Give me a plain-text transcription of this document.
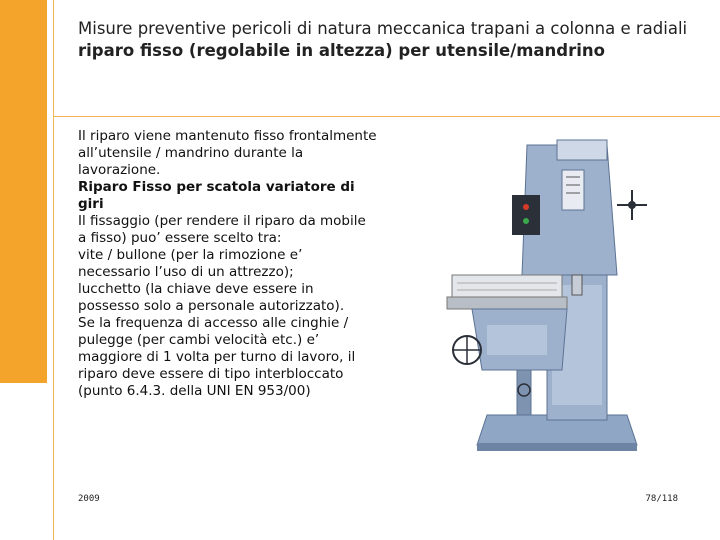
Misure preventive pericoli di natura meccanica trapani a colonna e radiali riparo fisso (regolabile in altezza) per utensile/mandrino

Il riparo viene mantenuto fisso frontalmente all’utensile / mandrino durante la lavorazione.

Riparo Fisso per scatola variatore di giri

Il fissaggio (per rendere il riparo da mobile a fisso) puo’ essere scelto tra:

vite / bullone (per la rimozione e’ necessario l’uso di un attrezzo);

lucchetto (la chiave deve essere in possesso solo a personale autorizzato).

Se la frequenza di accesso alle cinghie / pulegge (per cambi velocità etc.) e’ maggiore di 1 volta per turno di lavoro, il riparo deve essere di tipo interbloccato (punto 6.4.3. della UNI EN 953/00)

2009	78/118
